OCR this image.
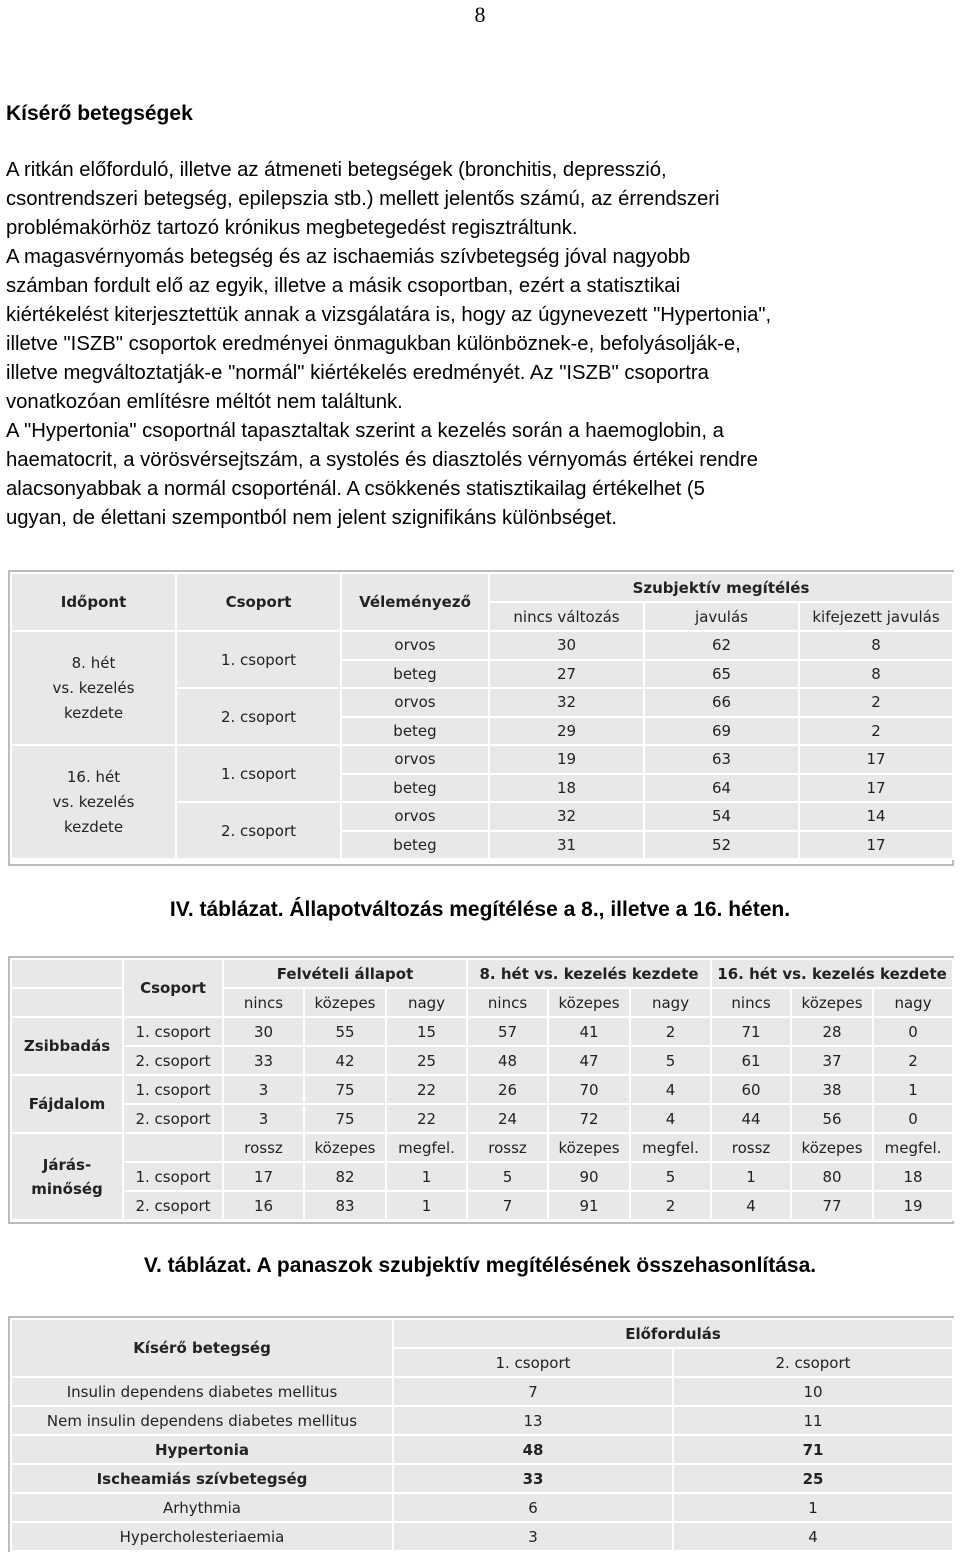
8
Kísérő betegségek

A ritkán előforduló, illetve az átmeneti betegségek (bronchitis, depresszió,

csontrendszeri betegség, epilepszia stb.) mellett jelentős számú, az érrendszeri

problémakörhöz tartozó krónikus megbetegedést regisztráltunk.

A magasvérnyomás betegség és az ischaemiás szívbetegség jóval nagyobb

számban fordult elő az egyik, illetve a másik csoportban, ezért a statisztikai

kiértékelést kiterjesztettük annak a vizsgálatára is, hogy az úgynevezett "Hypertonia",

illetve "ISZB" csoportok eredményei önmagukban különböznek-e, befolyásolják-e,

illetve megváltoztatják-e "normál" kiértékelés eredményét. Az "ISZB" csoportra

vonatkozóan említésre méltót nem találtunk.

A "Hypertonia" csoportnál tapasztaltak szerint a kezelés során a haemoglobin, a

haematocrit, a vörösvérsejtszám, a systolés és diasztolés vérnyomás értékei rendre

alacsonyabbak a normál csoporténál. A csökkenés statisztikailag értékelhet (5

ugyan, de élettani szempontból nem jelent szignifikáns különbséget.

Időpont	Csoport	Véleményező	Szubjektív megítélés		
			nincs változás	javulás	kifejezett javulás
8. hét
vs. kezelés
kezdete	1. csoport	orvos	30	62	8
		beteg	27	65	8
	2. csoport	orvos	32	66	2
		beteg	29	69	2
16. hét
vs. kezelés
kezdete	1. csoport	orvos	19	63	17
		beteg	18	64	17
	2. csoport	orvos	32	54	14
		beteg	31	52	17
IV. táblázat. Állapotváltozás megítélése a 8., illetve a 16. héten.
	Csoport	Felvételi állapot			8. hét vs. kezelés kezdete			16. hét vs. kezelés kezdete		
		nincs	közepes	nagy	nincs	közepes	nagy	nincs	közepes	nagy
Zsibbadás	1. csoport	30	55	15	57	41	2	71	28	0
	2. csoport	33	42	25	48	47	5	61	37	2
Fájdalom	1. csoport	3	75	22	26	70	4	60	38	1
	2. csoport	3	75	22	24	72	4	44	56	0
Járás-
minőség		rossz	közepes	megfel.	rossz	közepes	megfel.	rossz	közepes	megfel.
	1. csoport	17	82	1	5	90	5	1	80	18
	2. csoport	16	83	1	7	91	2	4	77	19
V. táblázat. A panaszok szubjektív megítélésének összehasonlítása.
Kísérő betegség	Előfordulás	
	1. csoport	2. csoport
Insulin dependens diabetes mellitus	7	10
Nem insulin dependens diabetes mellitus	13	11
Hypertonia	48	71
Ischeamiás szívbetegség	33	25
Arhythmia	6	1
Hypercholesteriaemia	3	4
